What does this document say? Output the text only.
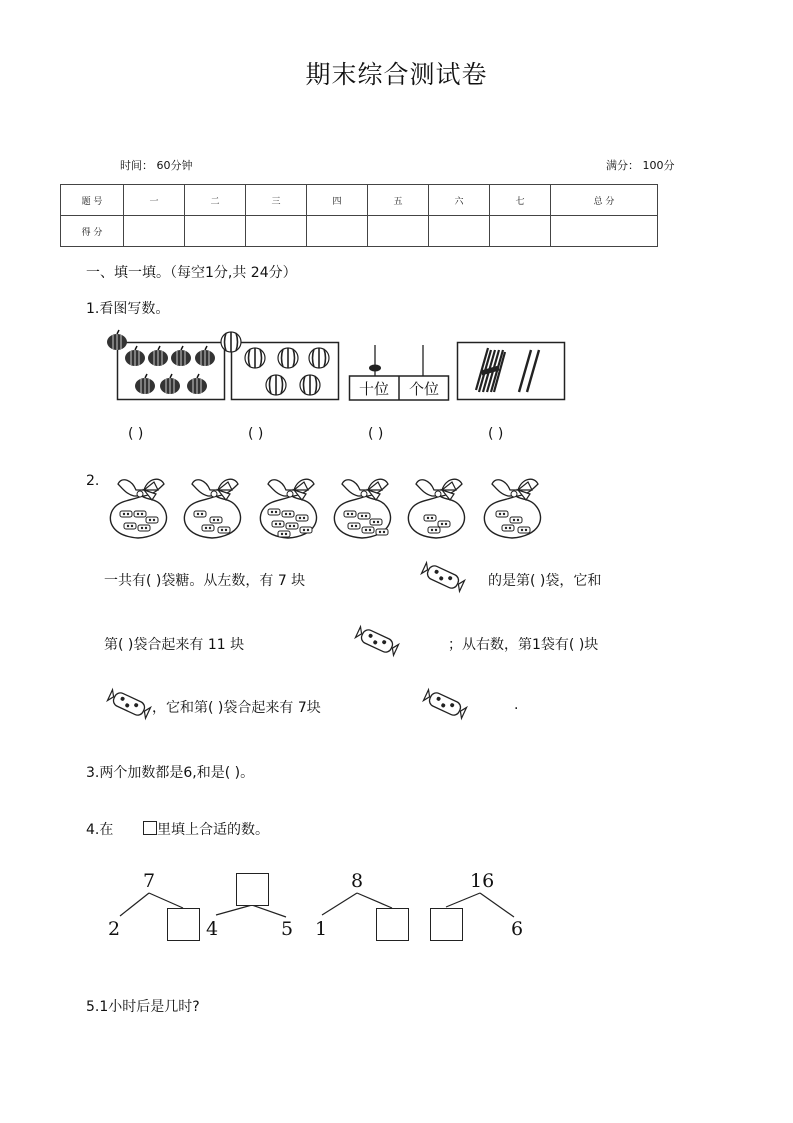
期末综合测试卷
时间： 60分钟	满分： 100分
题 号	一	二	三	四	五	六	七	总 分
得 分								
一、填一填。（每空1分,共 24分）
1.看图写数。
十位	个位
( )	( )	( )	( )
2.
一共有( )袋糖。从左数，有 7 块	的是第( )袋，它和
第( )袋合起来有 11 块	；从右数，第1袋有( )块
，它和第( )袋合起来有 7块	.
3.两个加数都是6,和是( )。
4.在	里填上合适的数。
7
2	4	5
8
1
16
6
5.1小时后是几时?
